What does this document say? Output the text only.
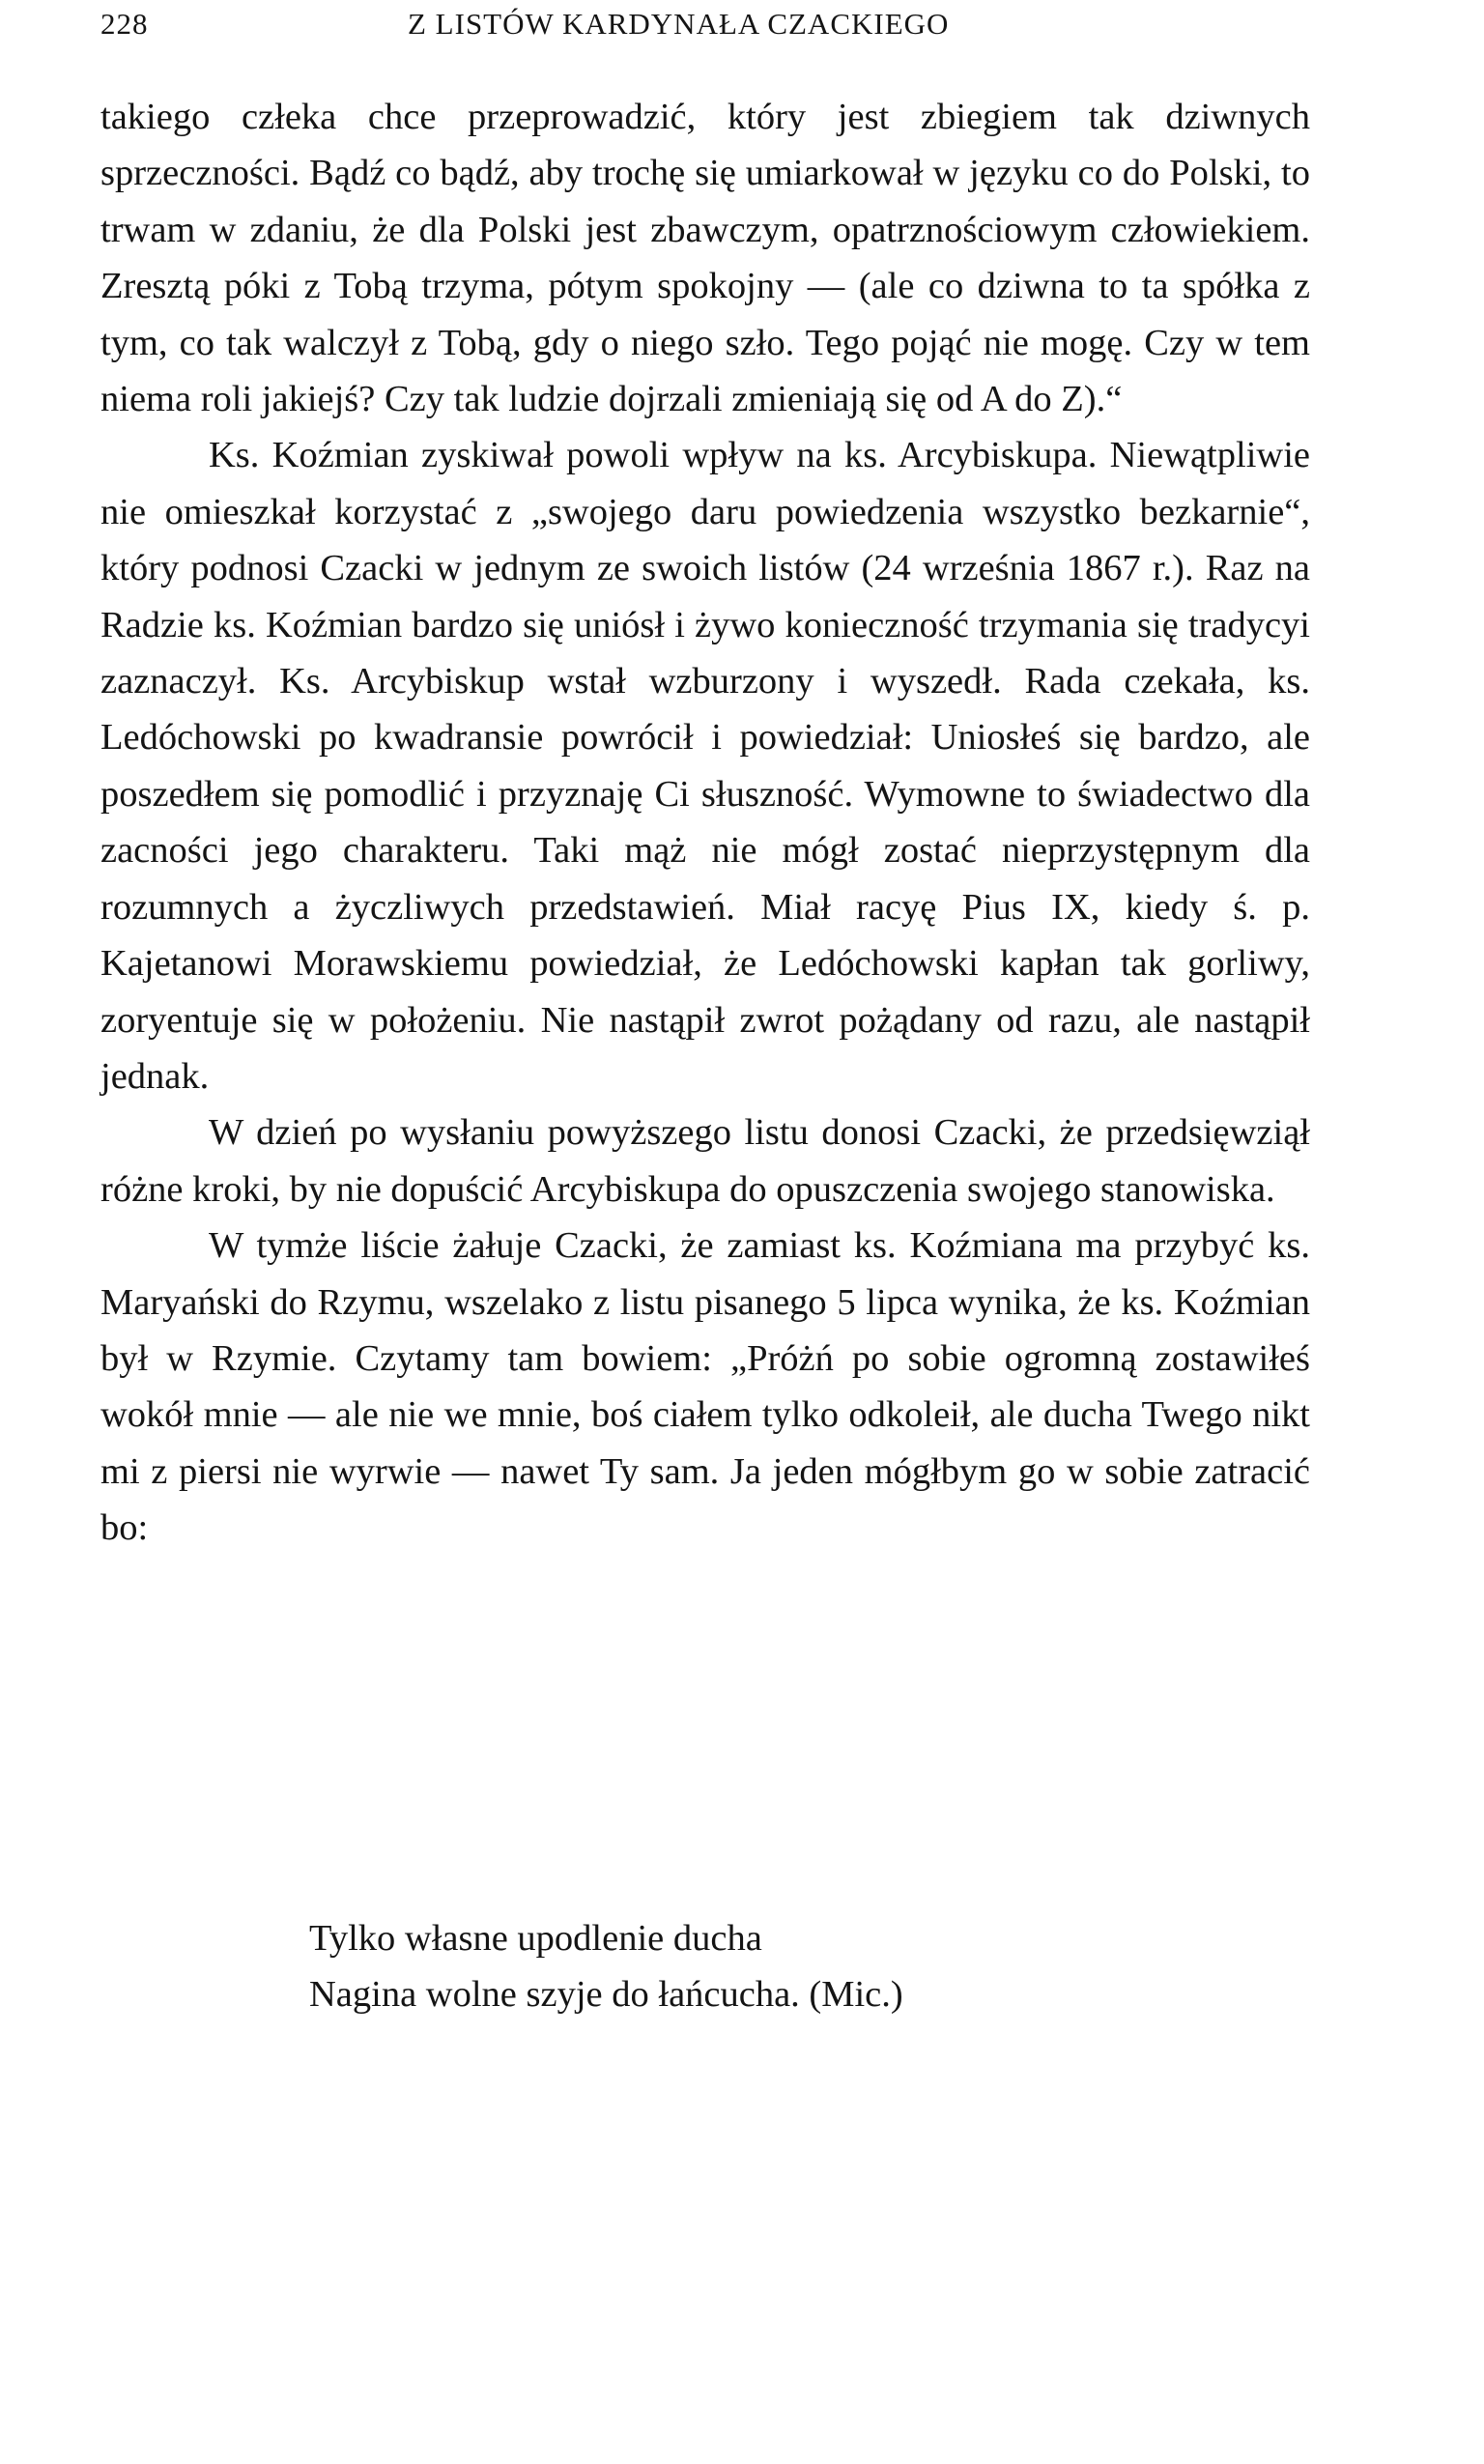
228	Z LISTÓW KARDYNAŁA CZACKIEGO

takiego człeka chce przeprowadzić, który jest zbiegiem tak dziwnych sprzeczności. Bądź co bądź, aby trochę się umiarkował w języku co do Polski, to trwam w zdaniu, że dla Polski jest zbawczym, opatrznościowym człowiekiem. Zresztą póki z Tobą trzyma, pótym spokojny — (ale co dziwna to ta spółka z tym, co tak walczył z Tobą, gdy o niego szło. Tego pojąć nie mogę. Czy w tem niema roli jakiejś? Czy tak ludzie dojrzali zmieniają się od A do Z).“

Ks. Koźmian zyskiwał powoli wpływ na ks. Arcybiskupa. Niewątpliwie nie omieszkał korzystać z „swojego daru powiedzenia wszystko bezkarnie“, który podnosi Czacki w jednym ze swoich listów (24 września 1867 r.). Raz na Radzie ks. Koźmian bardzo się uniósł i żywo konieczność trzymania się tradycyi zaznaczył. Ks. Arcybiskup wstał wzburzony i wyszedł. Rada czekała, ks. Ledóchowski po kwadransie powrócił i powiedział: Uniosłeś się bardzo, ale poszedłem się pomodlić i przyznaję Ci słuszność. Wymowne to świadectwo dla zacności jego charakteru. Taki mąż nie mógł zostać nieprzystępnym dla rozumnych a życzliwych przedstawień. Miał racyę Pius IX, kiedy ś. p. Kajetanowi Morawskiemu powiedział, że Ledóchowski kapłan tak gorliwy, zoryentuje się w położeniu. Nie nastąpił zwrot pożądany od razu, ale nastąpił jednak.

W dzień po wysłaniu powyższego listu donosi Czacki, że przedsięwziął różne kroki, by nie dopuścić Arcybiskupa do opuszczenia swojego stanowiska.

W tymże liście żałuje Czacki, że zamiast ks. Koźmiana ma przybyć ks. Maryański do Rzymu, wszelako z listu pisanego 5 lipca wynika, że ks. Koźmian był w Rzymie. Czytamy tam bowiem: „Próżń po sobie ogromną zostawiłeś wokół mnie — ale nie we mnie, boś ciałem tylko odkoleił, ale ducha Twego nikt mi z piersi nie wyrwie — nawet Ty sam. Ja jeden mógłbym go w sobie zatracić bo:

Tylko własne upodlenie ducha
Nagina wolne szyje do łańcucha. (Mic.)
